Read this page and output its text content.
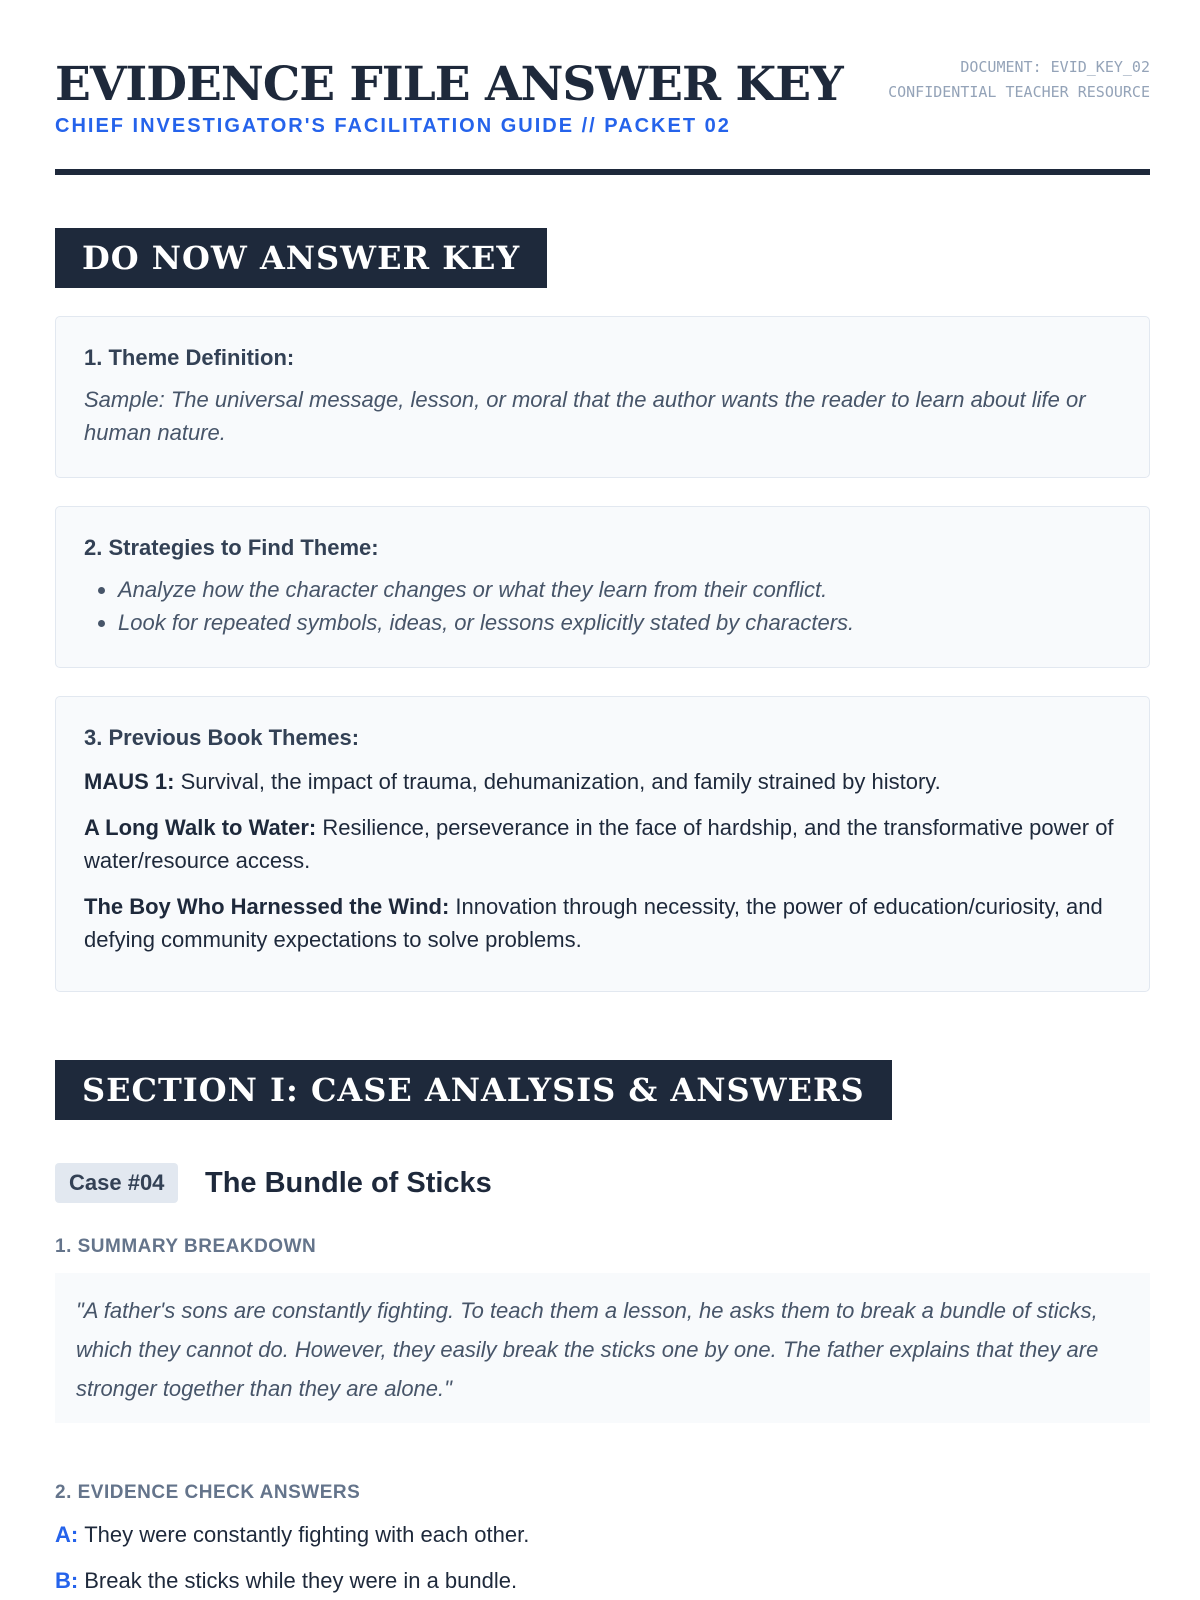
EVIDENCE FILE ANSWER KEY
CHIEF INVESTIGATOR'S FACILITATION GUIDE // PACKET 02
DOCUMENT: EVID_KEY_02
CONFIDENTIAL TEACHER RESOURCE
DO NOW ANSWER KEY
1. Theme Definition:

Sample: The universal message, lesson, or moral that the author wants the reader to learn about life or human nature.

2. Strategies to Find Theme:
• Analyze how the character changes or what they learn from their conflict.
• Look for repeated symbols, ideas, or lessons explicitly stated by characters.
3. Previous Book Themes:

MAUS 1: Survival, the impact of trauma, dehumanization, and family strained by history.

A Long Walk to Water: Resilience, perseverance in the face of hardship, and the transformative power of water/resource access.

The Boy Who Harnessed the Wind: Innovation through necessity, the power of education/curiosity, and defying community expectations to solve problems.

SECTION I: CASE ANALYSIS & ANSWERS
Case #04	The Bundle of Sticks
1. SUMMARY BREAKDOWN
"A father's sons are constantly fighting. To teach them a lesson, he asks them to break a bundle of sticks, which they cannot do. However, they easily break the sticks one by one. The father explains that they are stronger together than they are alone."
2. EVIDENCE CHECK ANSWERS
A: They were constantly fighting with each other.
B: Break the sticks while they were in a bundle.
